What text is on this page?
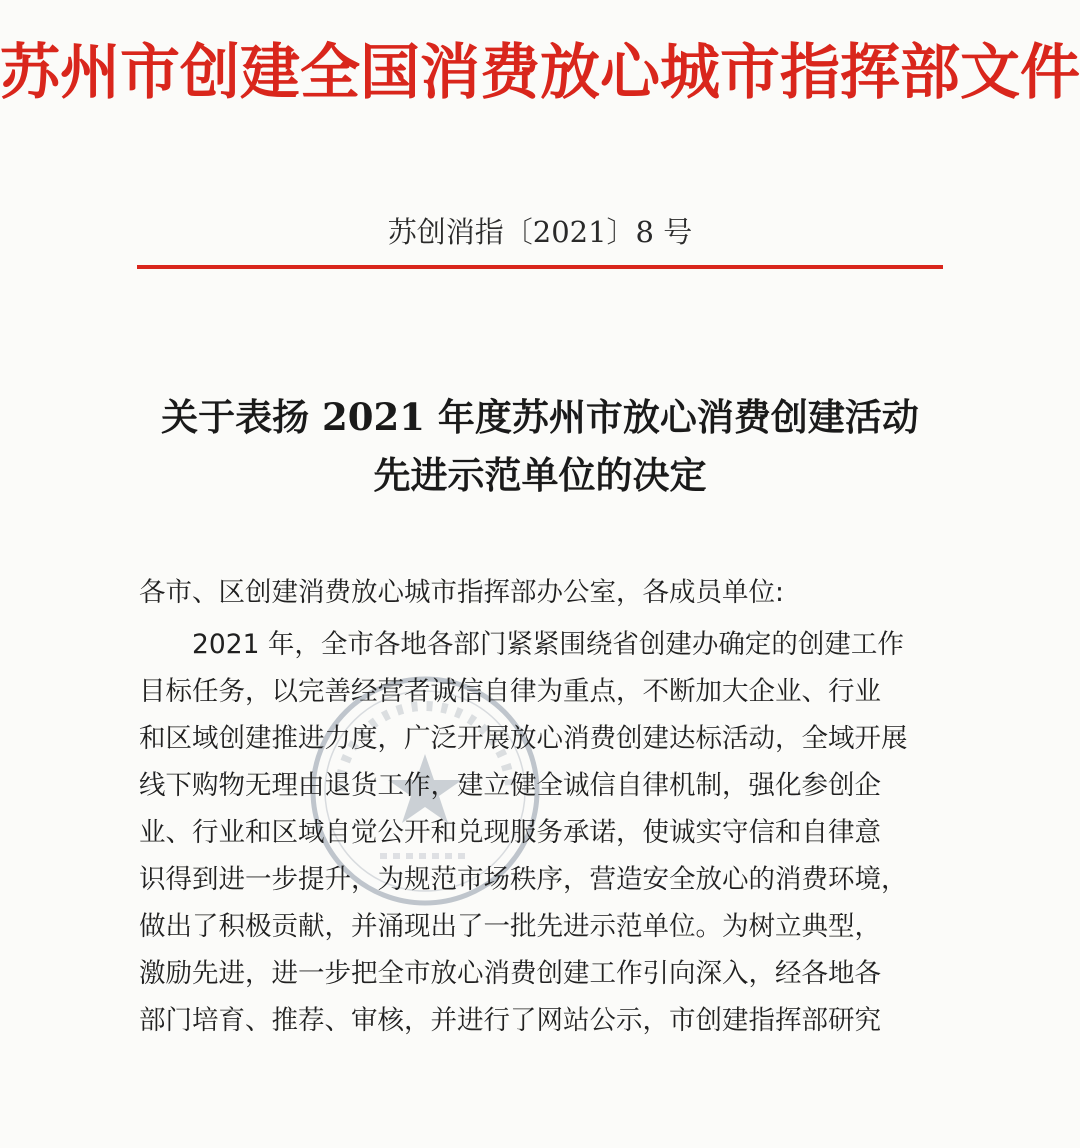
苏州市创建全国消费放心城市指挥部文件
苏创消指〔2021〕8 号
关于表扬 2021 年度苏州市放心消费创建活动
先进示范单位的决定
各市、区创建消费放心城市指挥部办公室，各成员单位:
　　2021 年，全市各地各部门紧紧围绕省创建办确定的创建工作
目标任务，以完善经营者诚信自律为重点，不断加大企业、行业
和区域创建推进力度，广泛开展放心消费创建达标活动，全域开展
线下购物无理由退货工作，建立健全诚信自律机制，强化参创企
业、行业和区域自觉公开和兑现服务承诺，使诚实守信和自律意
识得到进一步提升，为规范市场秩序，营造安全放心的消费环境，
做出了积极贡献，并涌现出了一批先进示范单位。为树立典型，
激励先进，进一步把全市放心消费创建工作引向深入，经各地各
部门培育、推荐、审核，并进行了网站公示，市创建指挥部研究
